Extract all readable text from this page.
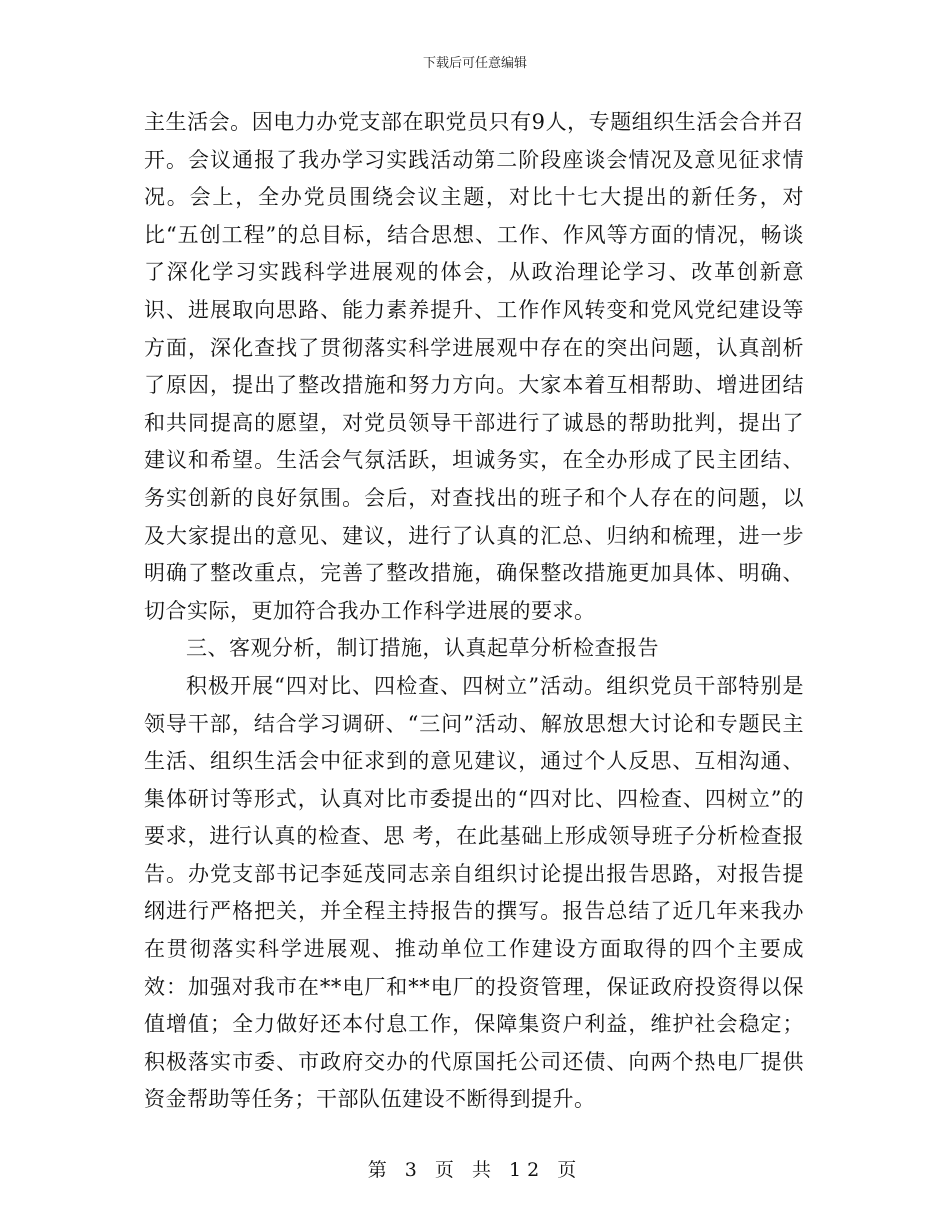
下载后可任意编辑

主生活会。因电力办党支部在职党员只有9人，专题组织生活会合并召开。会议通报了我办学习实践活动第二阶段座谈会情况及意见征求情况。会上，全办党员围绕会议主题，对比十七大提出的新任务，对比“五创工程”的总目标，结合思想、工作、作风等方面的情况，畅谈了深化学习实践科学进展观的体会，从政治理论学习、改革创新意识、进展取向思路、能力素养提升、工作作风转变和党风党纪建设等方面，深化查找了贯彻落实科学进展观中存在的突出问题，认真剖析了原因，提出了整改措施和努力方向。大家本着互相帮助、增进团结和共同提高的愿望，对党员领导干部进行了诚恳的帮助批判，提出了建议和希望。生活会气氛活跃，坦诚务实，在全办形成了民主团结、务实创新的良好氛围。会后，对查找出的班子和个人存在的问题，以及大家提出的意见、建议，进行了认真的汇总、归纳和梳理，进一步明确了整改重点，完善了整改措施，确保整改措施更加具体、明确、切合实际，更加符合我办工作科学进展的要求。

三、客观分析，制订措施，认真起草分析检查报告

积极开展“四对比、四检查、四树立”活动。组织党员干部特别是领导干部，结合学习调研、“三问”活动、解放思想大讨论和专题民主生活、组织生活会中征求到的意见建议，通过个人反思、互相沟通、集体研讨等形式，认真对比市委提出的“四对比、四检查、四树立”的要求，进行认真的检查、思 考，在此基础上形成领导班子分析检查报告。办党支部书记李延茂同志亲自组织讨论提出报告思路，对报告提纲进行严格把关，并全程主持报告的撰写。报告总结了近几年来我办在贯彻落实科学进展观、推动单位工作建设方面取得的四个主要成效：加强对我市在**电厂和**电厂的投资管理，保证政府投资得以保值增值；全力做好还本付息工作，保障集资户利益，维护社会稳定；积极落实市委、市政府交办的代原国托公司还债、向两个热电厂提供资金帮助等任务；干部队伍建设不断得到提升。

第 3 页 共 12 页
